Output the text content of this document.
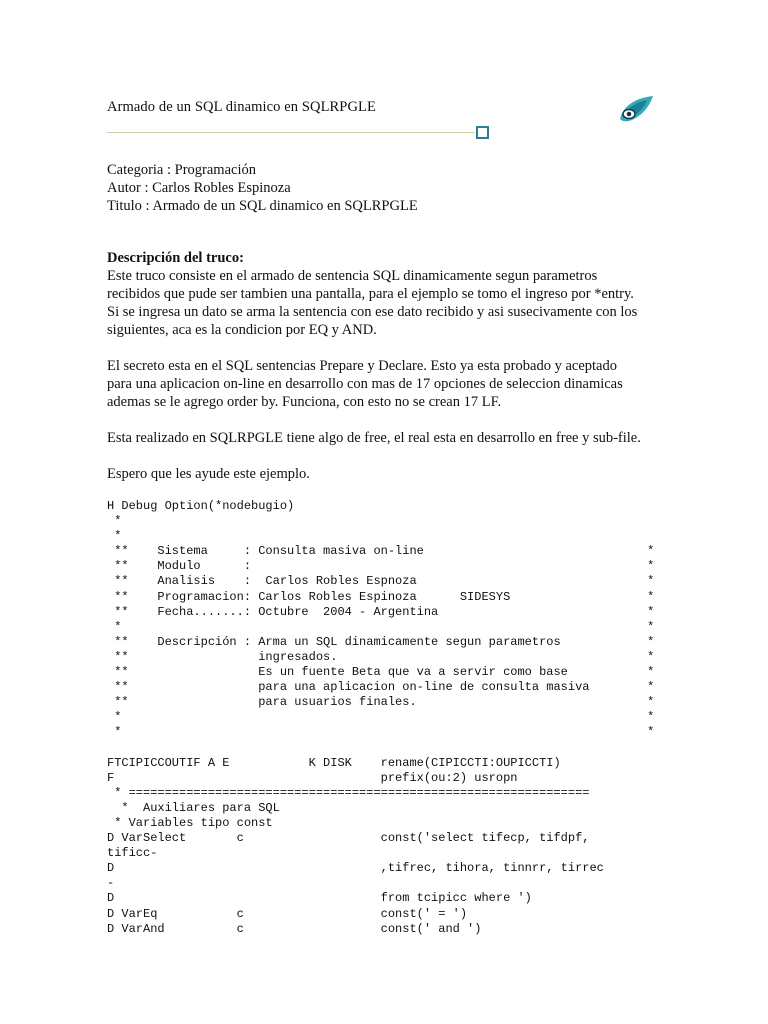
Armado de un SQL dinamico en SQLRPGLE
Categoria : Programación
Autor : Carlos Robles Espinoza
Titulo : Armado de un SQL dinamico en SQLRPGLE
Descripción del truco:

Este truco consiste en el armado de sentencia SQL dinamicamente segun parametros
recibidos que pude ser tambien una pantalla, para el ejemplo se tomo el ingreso por *entry.
Si se ingresa un dato se arma la sentencia con ese dato recibido y asi susecivamente con los
siguientes, aca es la condicion por EQ y AND.

El secreto esta en el SQL sentencias Prepare y Declare. Esto ya esta probado y aceptado
para una aplicacion on-line en desarrollo con mas de 17 opciones de seleccion dinamicas
ademas se le agrego order by. Funciona, con esto no se crean 17 LF.

Esta realizado en SQLRPGLE tiene algo de free, el real esta en desarrollo en free y sub-file.

Espero que les ayude este ejemplo.

H Debug Option(*nodebugio)
*
*
**    Sistema     : Consulta masiva on-line                               *
**    Modulo      :                                                       *
**    Analisis    :  Carlos Robles Espnoza                                *
**    Programacion: Carlos Robles Espinoza      SIDESYS                   *
**    Fecha.......: Octubre  2004 - Argentina                             *
*                                                                         *
**    Descripción : Arma un SQL dinamicamente segun parametros            *
**                  ingresados.                                           *
**                  Es un fuente Beta que va a servir como base           *
**                  para una aplicacion on-line de consulta masiva        *
**                  para usuarios finales.                                *
*                                                                         *
*                                                                         *
FTCIPICCOUTIF A E           K DISK    rename(CIPICCTI:OUPICCTI)
F                                     prefix(ou:2) usropn
* ================================================================
*  Auxiliares para SQL
* Variables tipo const
D VarSelect       c                   const('select tifecp, tifdpf,
tificc-
D                                     ,tifrec, tihora, tinnrr, tirrec
-
D                                     from tcipicc where ')
D VarEq           c                   const(' = ')
D VarAnd          c                   const(' and ')
